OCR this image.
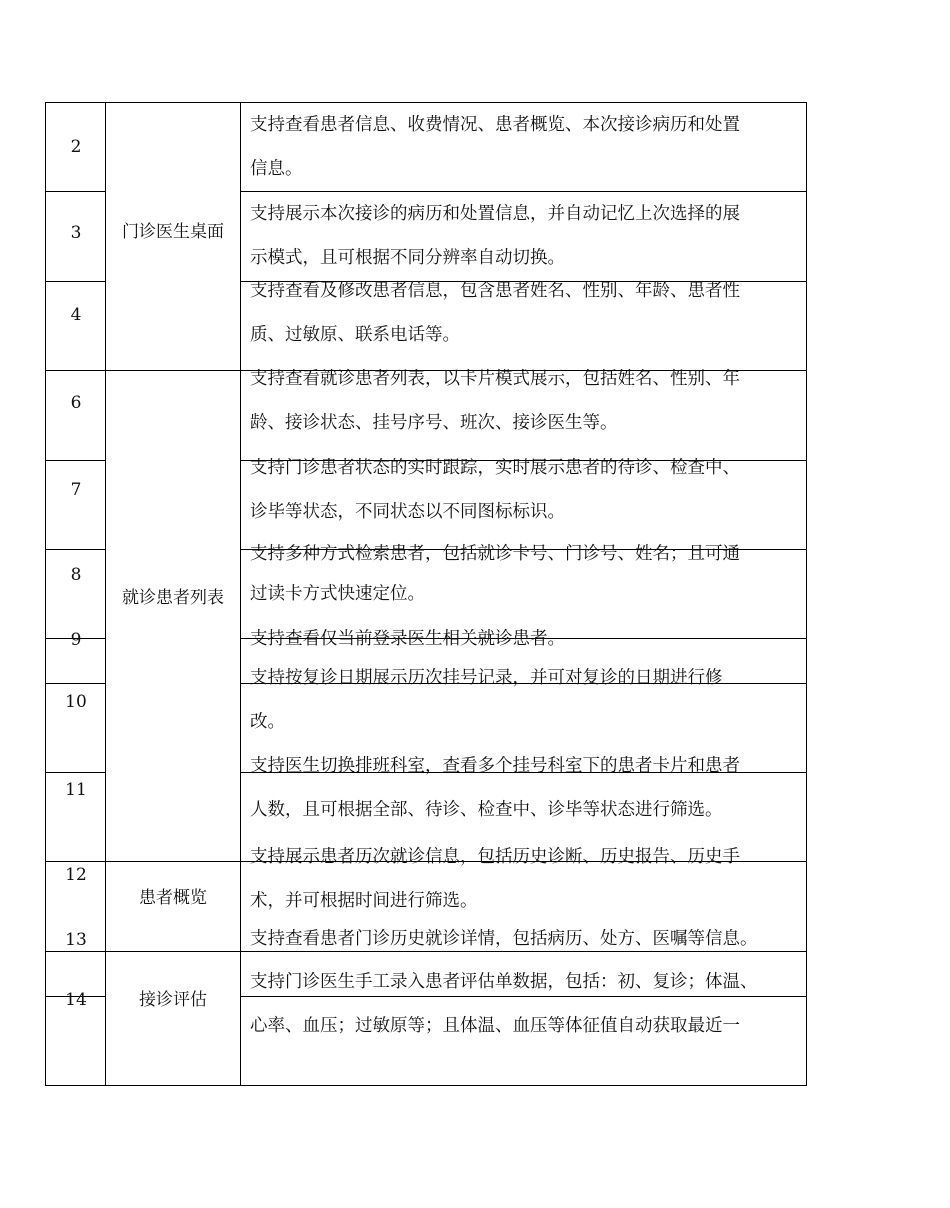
2
3
4
6
7
8
9
10
11
12
13
14
门诊医生桌面
就诊患者列表
患者概览
接诊评估
支持查看患者信息、收费情况、患者概览、本次接诊病历和处置
信息。
支持展示本次接诊的病历和处置信息，并自动记忆上次选择的展
示模式，且可根据不同分辨率自动切换。
支持查看及修改患者信息，包含患者姓名、性别、年龄、患者性
质、过敏原、联系电话等。
支持查看就诊患者列表，以卡片模式展示，包括姓名、性别、年
龄、接诊状态、挂号序号、班次、接诊医生等。
支持门诊患者状态的实时跟踪，实时展示患者的待诊、检查中、
诊毕等状态，不同状态以不同图标标识。
支持多种方式检索患者，包括就诊卡号、门诊号、姓名；且可通
过读卡方式快速定位。
支持查看仅当前登录医生相关就诊患者。
支持按复诊日期展示历次挂号记录，并可对复诊的日期进行修
改。
支持医生切换排班科室，查看多个挂号科室下的患者卡片和患者
人数，且可根据全部、待诊、检查中、诊毕等状态进行筛选。
支持展示患者历次就诊信息，包括历史诊断、历史报告、历史手
术，并可根据时间进行筛选。
支持查看患者门诊历史就诊详情，包括病历、处方、医嘱等信息。
支持门诊医生手工录入患者评估单数据，包括：初、复诊；体温、
心率、血压；过敏原等；且体温、血压等体征值自动获取最近一
